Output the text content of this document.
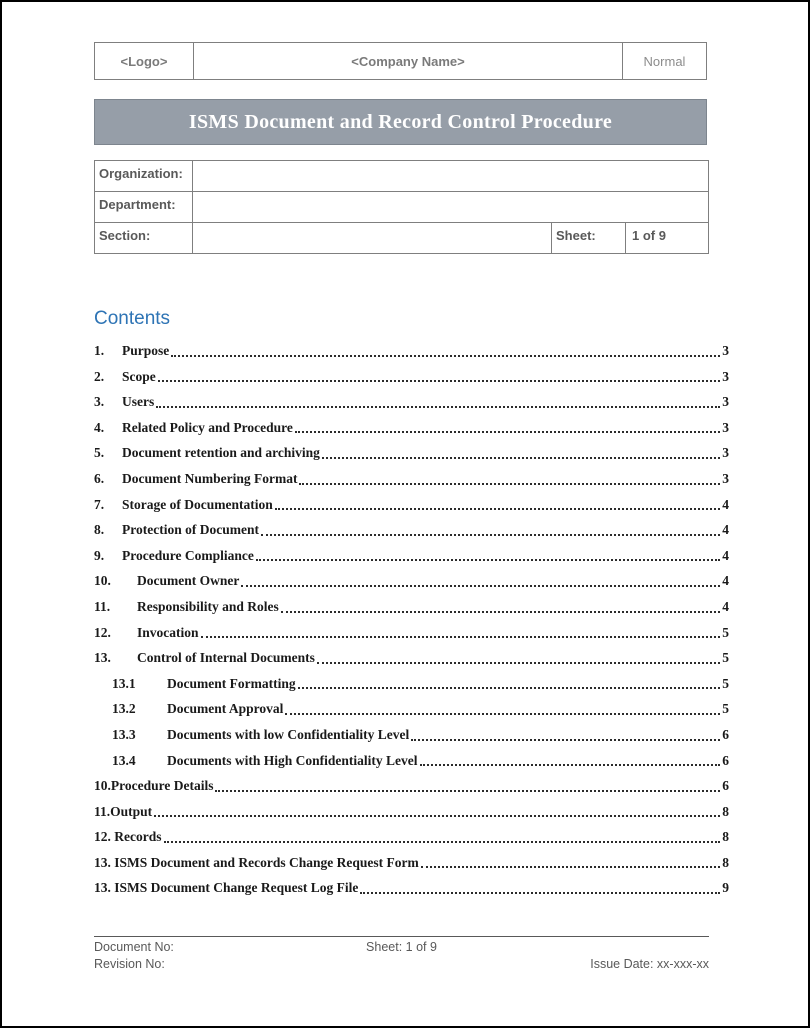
<Logo>	<Company Name>	Normal
ISMS Document and Record Control Procedure
Organization:
Department:
Section:	Sheet:	1 of 9
Contents
1.	Purpose	3
2.	Scope	3
3.	Users	3
4.	Related Policy and Procedure	3
5.	Document retention and archiving	3
6.	Document Numbering Format	3
7.	Storage of Documentation	4
8.	Protection of Document	4
9.	Procedure Compliance	4
10.	Document Owner	4
11.	Responsibility and Roles	4
12.	Invocation	5
13.	Control of Internal Documents	5
13.1	Document Formatting	5
13.2	Document Approval	5
13.3	Documents with low Confidentiality Level	6
13.4	Documents with High Confidentiality Level	6
10.Procedure Details	6
11.Output	8
12. Records	8
13. ISMS Document and Records Change Request Form	8
13. ISMS Document Change Request Log File	9
Document No:	Sheet: 1 of 9
Revision No:	Issue Date: xx-xxx-xx
